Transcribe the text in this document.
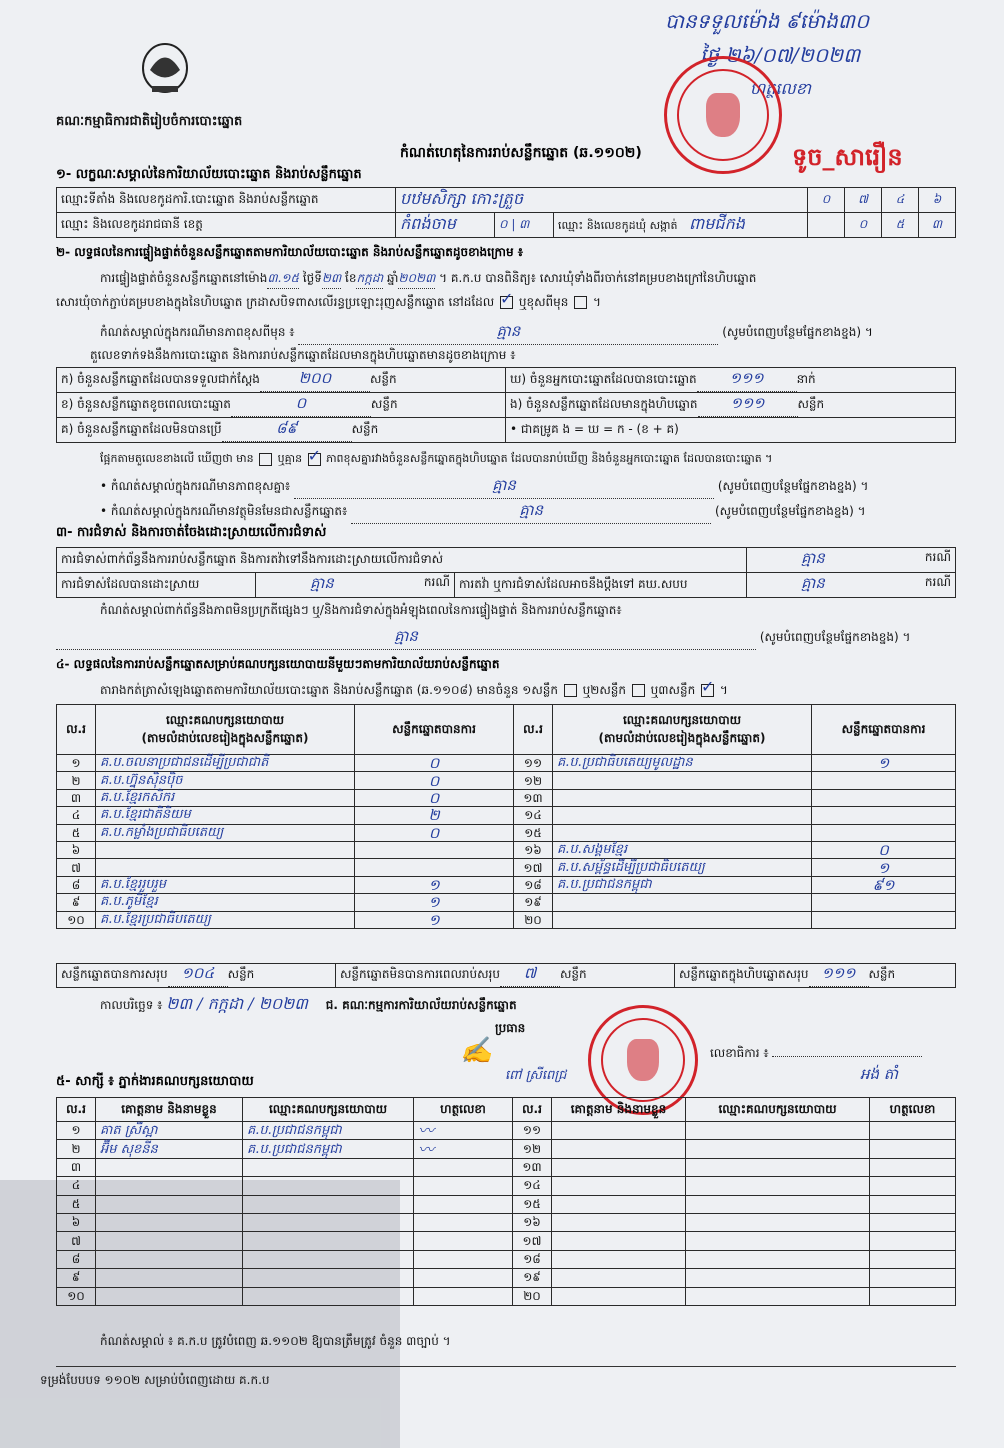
គណៈកម្មាធិការជាតិរៀបចំការបោះឆ្នោត
កំណត់ហេតុនៃការរាប់សន្លឹកឆ្នោត (ឆ.១១០២)
បានទទួលម៉ោង ៩ម៉ោង៣០
ថ្ងៃ ២៦/០៧/២០២៣
ហត្ថលេខា
ទូច_សារឿន
១- លក្ខណៈសម្គាល់នៃការិយាល័យបោះឆ្នោត និងរាប់សន្លឹកឆ្នោត
ឈ្មោះទីតាំង និងលេខកូដការិ.បោះឆ្នោត និងរាប់សន្លឹកឆ្នោត	បឋមសិក្សា កោះត្រួច			០	៧	៤	៦
ឈ្មោះ និងលេខកូដរាជធានី ខេត្ត	កំពង់ចាម	០ | ៣	ឈ្មោះ និងលេខកូដឃុំ សង្កាត់ ពាមជីកង		០	៥	៣
២- លទ្ធផលនៃការផ្ទៀងផ្ទាត់ចំនួនសន្លឹកឆ្នោតតាមការិយាល័យបោះឆ្នោត និងរាប់សន្លឹកឆ្នោតដូចខាងក្រោម ៖
ការផ្ទៀងផ្ទាត់ចំនួនសន្លឹកឆ្នោតនៅម៉ោង៣.១៥ ថ្ងៃទី២៣ ខែកក្កដា ឆ្នាំ២០២៣ ។ គ.ក.ប បានពិនិត្យ៖ សោរឃុំទាំងពីរចាក់នៅគម្របខាងក្រៅនៃហិបឆ្នោត
សោរឃុំចាក់ភ្ជាប់គម្របខាងក្នុងនៃហិបឆ្នោត ក្រដាសបិទពាសលើរន្ធប្រឡោះរុញសន្លឹកឆ្នោត នៅដដែល ✓ ឬខុសពីមុន  ។
កំណត់សម្គាល់ក្នុងករណីមានភាពខុសពីមុន ៖	គ្មាន	(សូមបំពេញបន្ថែមផ្នែកខាងខ្នង) ។
តួលេខទាក់ទងនឹងការបោះឆ្នោត និងការរាប់សន្លឹកឆ្នោតដែលមានក្នុងហិបឆ្នោតមានដូចខាងក្រោម ៖
ក) ចំនួនសន្លឹកឆ្នោតដែលបានទទួលជាក់ស្តែង ២០០ សន្លឹក	ឃ) ចំនួនអ្នកបោះឆ្នោតដែលបានបោះឆ្នោត ១១១ នាក់
ខ) ចំនួនសន្លឹកឆ្នោតខូចពេលបោះឆ្នោត ០ សន្លឹក	ង) ចំនួនសន្លឹកឆ្នោតដែលមានក្នុងហិបឆ្នោត ១១១ សន្លឹក
គ) ចំនួនសន្លឹកឆ្នោតដែលមិនបានប្រើ ៨៩ សន្លឹក	• ជាគម្រូគ ង = ឃ = ក - (ខ + គ)
ផ្អែកតាមតួលេខខាងលើ ឃើញថា មាន ឬគ្មាន ✓ ភាពខុសគ្នារវាងចំនួនសន្លឹកឆ្នោតក្នុងហិបឆ្នោត ដែលបានរាប់ឃើញ និងចំនួនអ្នកបោះឆ្នោត ដែលបានបោះឆ្នោត ។
• កំណត់សម្គាល់ក្នុងករណីមានភាពខុសគ្នា៖	គ្មាន	(សូមបំពេញបន្ថែមផ្នែកខាងខ្នង) ។
• កំណត់សម្គាល់ក្នុងករណីមានវត្ថុមិនមែនជាសន្លឹកឆ្នោត៖	គ្មាន	(សូមបំពេញបន្ថែមផ្នែកខាងខ្នង) ។
៣- ការជំទាស់ និងការចាត់ចែងដោះស្រាយលើការជំទាស់
ការជំទាស់ពាក់ព័ន្ធនឹងការរាប់សន្លឹកឆ្នោត និងការតវ៉ាទៅនឹងការដោះស្រាយលើការជំទាស់			គ្មាន ករណី

ការជំទាស់ដែលបានដោះស្រាយ	គ្មាន ករណី	ការតវ៉ា ឬការជំទាស់ដែលអាចនឹងប្តឹងទៅ គឃ.សបប	គ្មាន ករណី
កំណត់សម្គាល់ពាក់ព័ន្ធនឹងភាពមិនប្រក្រតីផ្សេងៗ ឬ/និងការជំទាស់ក្នុងអំឡុងពេលនៃការផ្ទៀងផ្ទាត់ និងការរាប់សន្លឹកឆ្នោត៖
គ្មាន	(សូមបំពេញបន្ថែមផ្នែកខាងខ្នង) ។
៤- លទ្ធផលនៃការរាប់សន្លឹកឆ្នោតសម្រាប់គណបក្សនយោបាយនីមួយៗតាមការិយាល័យរាប់សន្លឹកឆ្នោត
តារាងកត់ត្រាសំឡេងឆ្នោតតាមការិយាល័យបោះឆ្នោត និងរាប់សន្លឹកឆ្នោត (ឆ.១១០៨) មានចំនួន ១សន្លឹក ឬ២សន្លឹក ឬ៣សន្លឹក ✓ ។
ល.រ	ឈ្មោះគណបក្សនយោបាយ
(តាមលំដាប់លេខរៀងក្នុងសន្លឹកឆ្នោត)	សន្លឹកឆ្នោតបានការ	ល.រ	ឈ្មោះគណបក្សនយោបាយ
(តាមលំដាប់លេខរៀងក្នុងសន្លឹកឆ្នោត)	សន្លឹកឆ្នោតបានការ
១	គ.ប.ចលនាប្រជាជនដើម្បីប្រជាជាតិ	០	១១	គ.ប.ប្រជាធិបតេយ្យមូលដ្ឋាន	១
២	គ.ប.ហ្វ៊ុនស៊ិនប៉ិច	០	១២		
៣	គ.ប.ខ្មែរកសិករ	០	១៣		
៤	គ.ប.ខ្មែរជាតិនិយម	២	១៤		
៥	គ.ប.កម្លាំងប្រជាធិបតេយ្យ	០	១៥		
៦			១៦	គ.ប.សង្គមខ្មែរ	០
៧			១៧	គ.ប.សម្ព័ន្ធដើម្បីប្រជាធិបតេយ្យ	១
៨	គ.ប.ខ្មែររួបរួម	១	១៨	គ.ប.ប្រជាជនកម្ពុជា	៩១
៩	គ.ប.ភូមិខ្មែរ	១	១៩		
១០	គ.ប.ខ្មែរប្រជាធិបតេយ្យ	១	២០		
សន្លឹកឆ្នោតបានការសរុប ១០៤ សន្លឹក	សន្លឹកឆ្នោតមិនបានការពេលរាប់សរុប ៧ សន្លឹក	សន្លឹកឆ្នោតក្នុងហិបឆ្នោតសរុប ១១១ សន្លឹក
កាលបរិច្ឆេទ ៖ ២៣ / កក្កដា / ២០២៣ ជ. គណៈកម្មការការិយាល័យរាប់សន្លឹកឆ្នោត
ប្រធាន
✍
ពៅ ស្រីពេជ្រ
លេខាធិការ ៖
អង់ តាំ
៥- សាក្សី ៖ ភ្នាក់ងារគណបក្សនយោបាយ
ល.រ	គោត្តនាម និងនាមខ្លួន	ឈ្មោះគណបក្សនយោបាយ	ហត្ថលេខា	ល.រ	គោត្តនាម និងនាមខ្លួន	ឈ្មោះគណបក្សនយោបាយ	ហត្ថលេខា
១	គាត ស្រីស្អា	គ.ប.ប្រជាជនកម្ពុជា	〰	១១			
២	អ៊ឹម សុខនីន	គ.ប.ប្រជាជនកម្ពុជា	〰	១២			
៣				១៣			
៤				១៤			
៥				១៥			
៦				១៦			
៧				១៧			
៨				១៨			
៩				១៩			
១០				២០			
កំណត់សម្គាល់ ៖ គ.ក.ប ត្រូវបំពេញ ឆ.១១០២ ឱ្យបានត្រឹមត្រូវ ចំនួន ៣ច្បាប់ ។
ទម្រង់បែបបទ ១១០២ សម្រាប់បំពេញដោយ គ.ក.ប
